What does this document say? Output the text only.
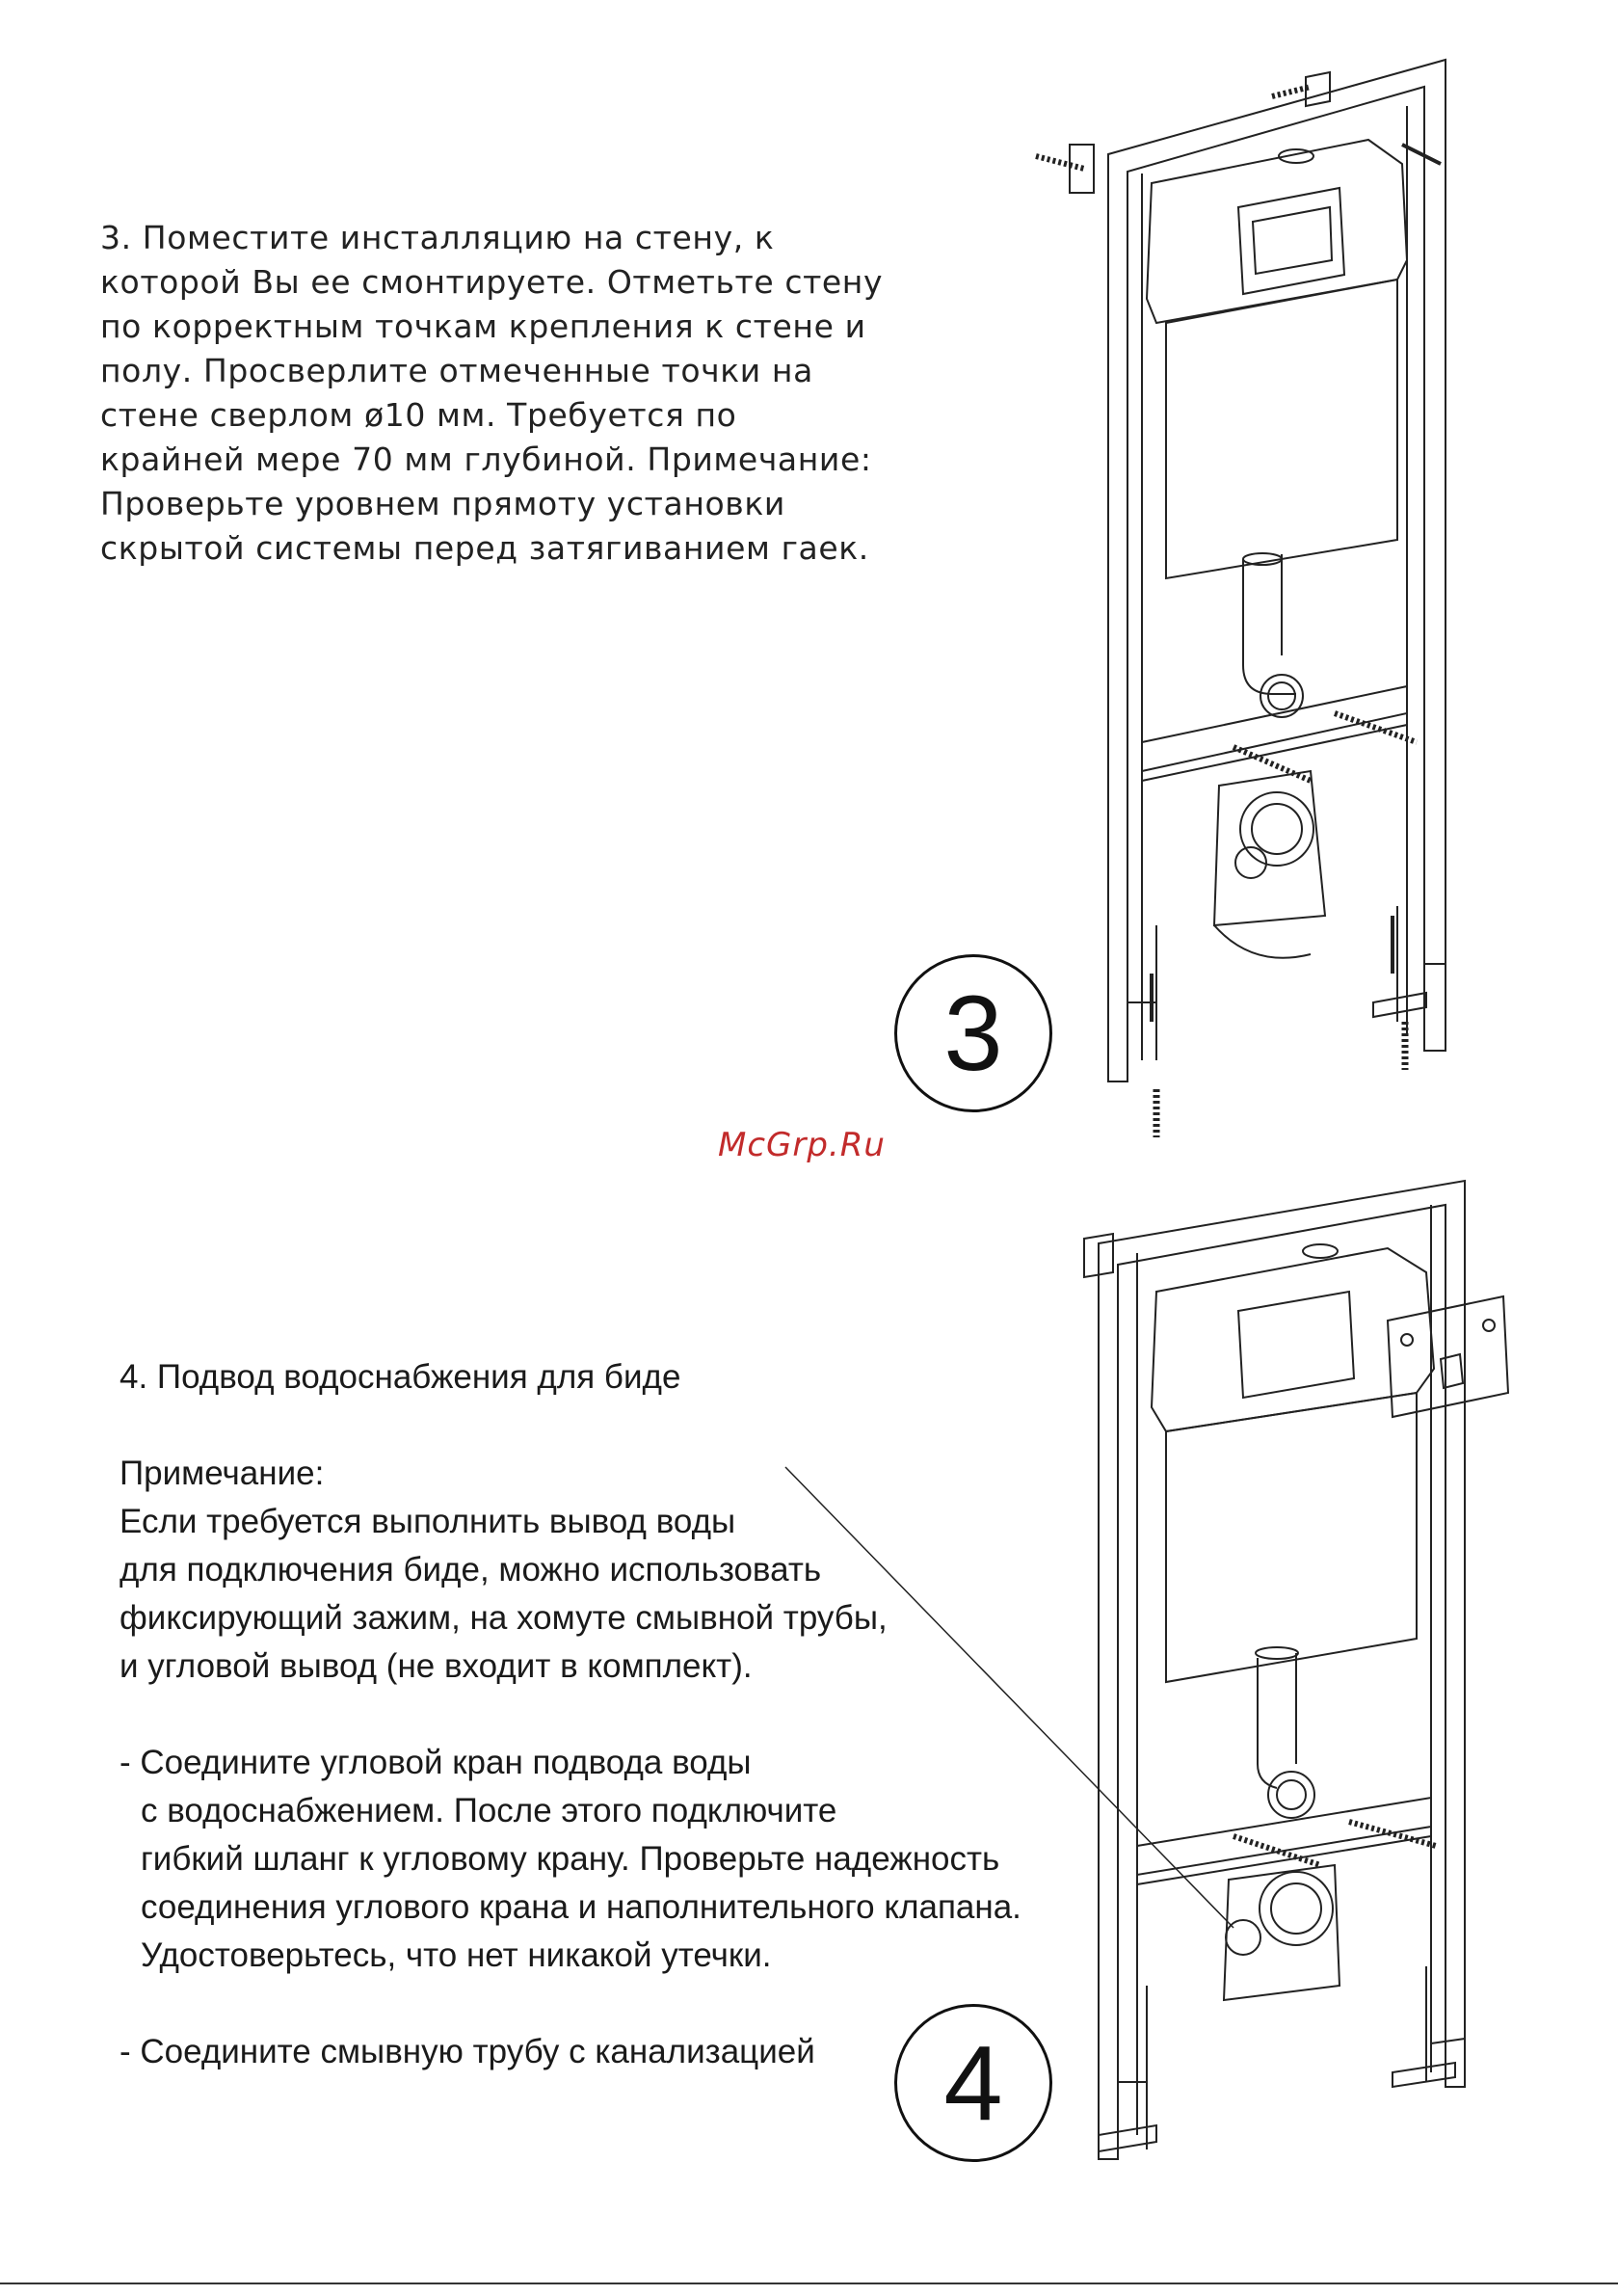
3. Поместите инсталляцию на стену, к

которой Вы ее смонтируете. Отметьте стену

по корректным точкам крепления к стене и

полу. Просверлите отмеченные точки на

стене сверлом ø10 мм. Требуется по

крайней мере 70 мм глубиной. Примечание:

Проверьте уровнем прямоту установки

скрытой системы перед затягиванием гаек.

3
McGrp.Ru

4. Подвод водоснабжения для биде

Примечание:

Если требуется выполнить вывод воды

для подключения биде, можно использовать

фиксирующий зажим, на хомуте смывной трубы,

и угловой вывод (не входит в комплект).

- Соедините угловой кран подвода воды

с водоснабжением. После этого подключите

гибкий шланг к угловому крану. Проверьте надежность

соединения углового крана и наполнительного клапана.

Удостоверьтесь, что нет никакой утечки.

- Соедините смывную трубу с канализацией	4
